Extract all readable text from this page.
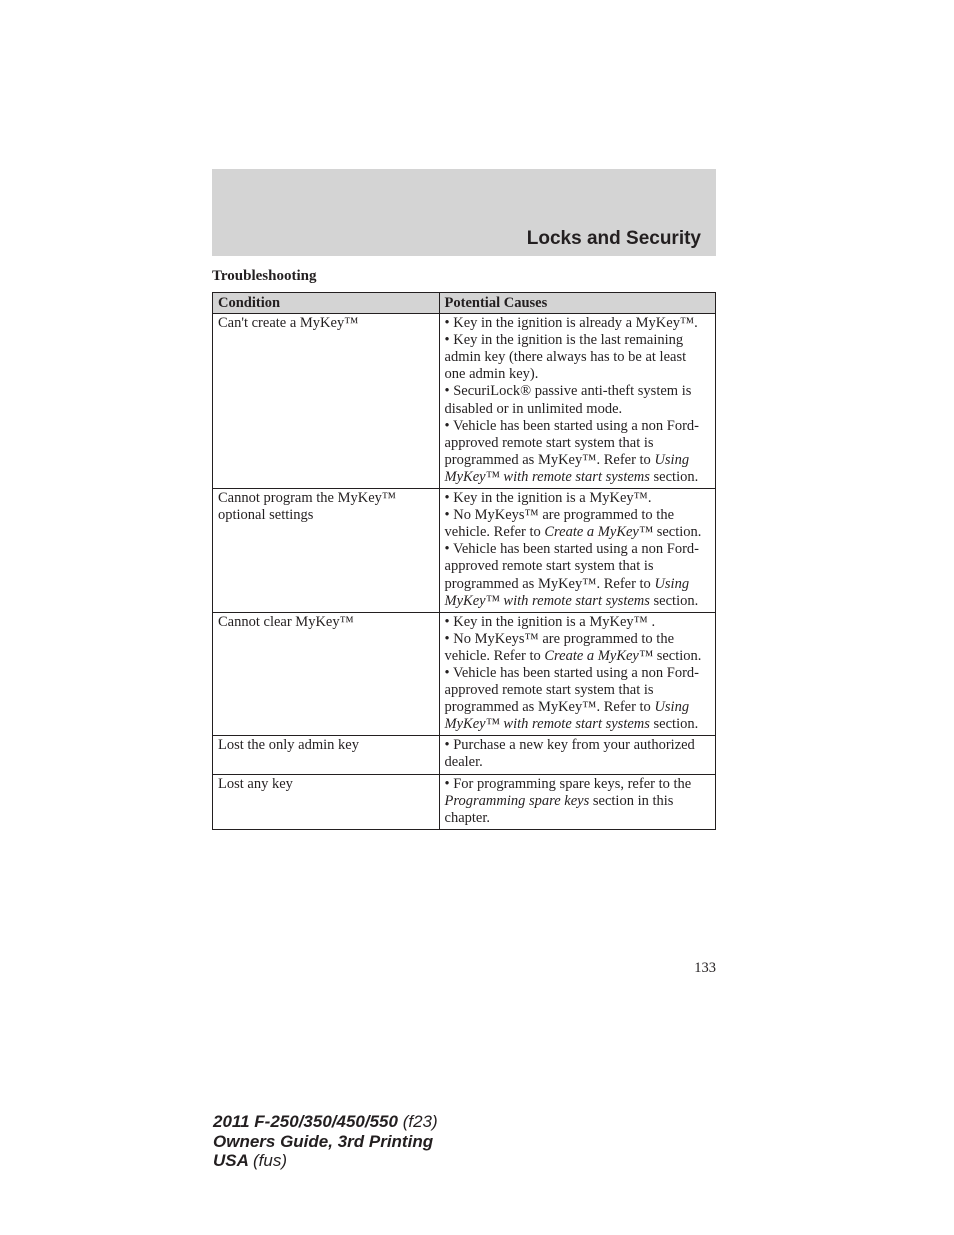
Locks and Security
Troubleshooting
Condition	Potential Causes
Can't create a MyKey™	• Key in the ignition is already a MyKey™.
• Key in the ignition is the last remaining admin key (there always has to be at least one admin key).
• SecuriLock® passive anti-theft system is disabled or in unlimited mode.
• Vehicle has been started using a non Ford-approved remote start system that is programmed as MyKey™. Refer to Using MyKey™ with remote start systems section.

Cannot program the MyKey™ optional settings	• Key in the ignition is a MyKey™.
• No MyKeys™ are programmed to the vehicle. Refer to Create a MyKey™ section.
• Vehicle has been started using a non Ford-approved remote start system that is programmed as MyKey™. Refer to Using MyKey™ with remote start systems section.

Cannot clear MyKey™	• Key in the ignition is a MyKey™ .
• No MyKeys™ are programmed to the vehicle. Refer to Create a MyKey™ section.
• Vehicle has been started using a non Ford-approved remote start system that is programmed as MyKey™. Refer to Using MyKey™ with remote start systems section.

Lost the only admin key	• Purchase a new key from your authorized dealer.

Lost any key	• For programming spare keys, refer to the Programming spare keys section in this chapter.
133
2011 F-250/350/450/550 (f23)
Owners Guide, 3rd Printing
USA (fus)
